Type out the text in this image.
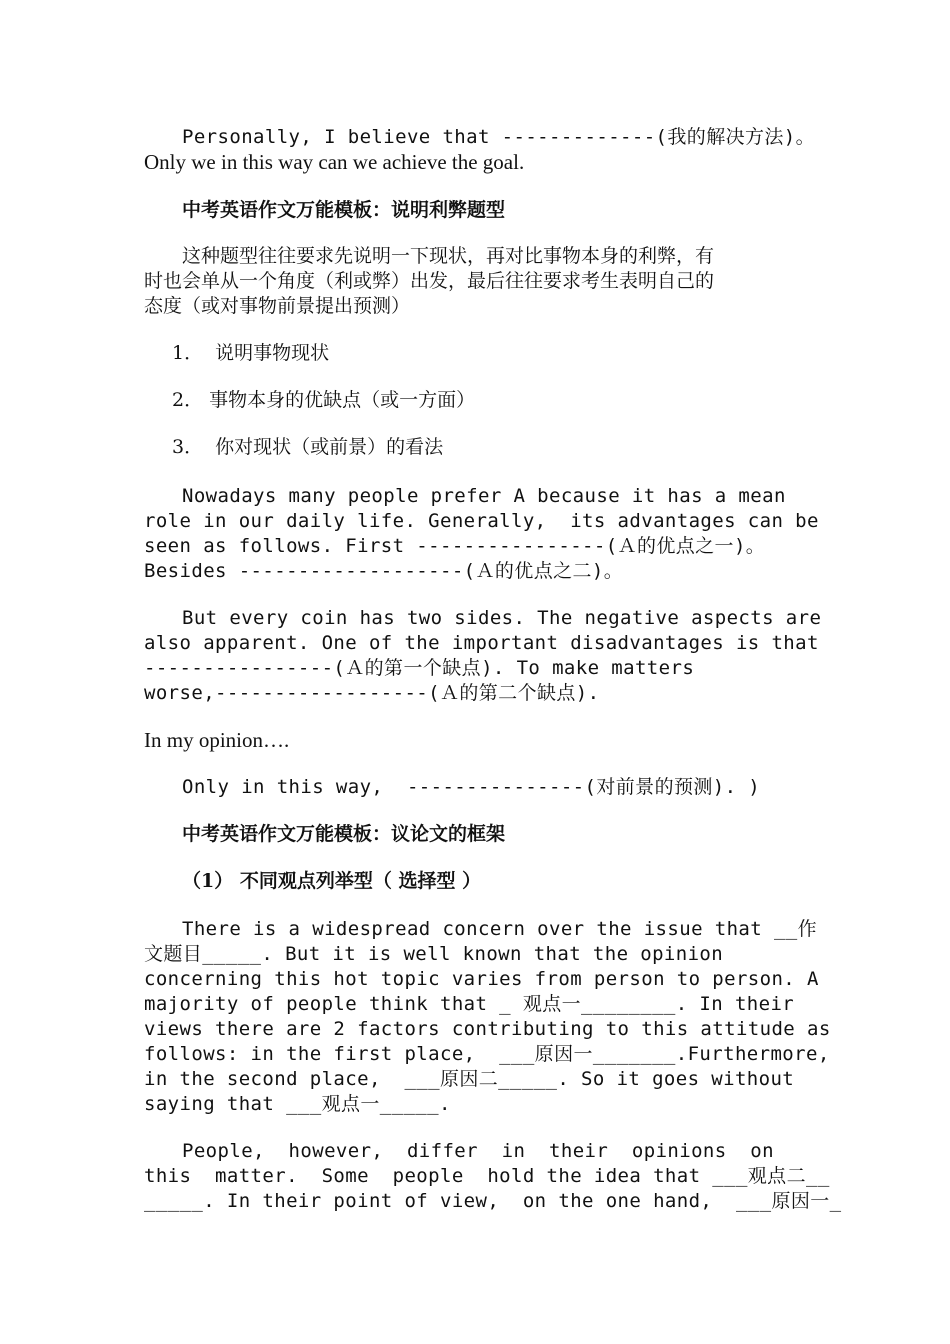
Personally, I believe that -------------(我的解决方法)。
Only we in this way can we achieve the goal.
中考英语作文万能模板：说明利弊题型
这种题型往往要求先说明一下现状，再对比事物本身的利弊，有
时也会单从一个角度（利或弊）出发，最后往往要求考生表明自己的
态度（或对事物前景提出预测）
1．  说明事物现状
2． 事物本身的优缺点（或一方面）
3．  你对现状（或前景）的看法
Nowadays many people prefer A because it has a mean
role in our daily life. Generally,  its advantages can be
seen as follows. First ----------------(Ａ的优点之一)。
Besides -------------------(Ａ的优点之二)。
But every coin has two sides. The negative aspects are
also apparent. One of the important disadvantages is that
----------------(Ａ的第一个缺点). To make matters
worse,------------------(Ａ的第二个缺点).
In my opinion….
Only in this way,  ---------------(对前景的预测). )
中考英语作文万能模板：议论文的框架
（1） 不同观点列举型（ 选择型 ）
There is a widespread concern over the issue that __作
文题目_____. But it is well known that the opinion
concerning this hot topic varies from person to person. A
majority of people think that _ 观点一________. In their
views there are 2 factors contributing to this attitude as
follows: in the first place,  ___原因一_______.Furthermore,
in the second place,  ___原因二_____. So it goes without
saying that ___观点一_____.
People, however, differ in their opinions on
this  matter.  Some  people  hold the idea that ___观点二__
_____. In their point of view,  on the one hand,  ___原因一_
